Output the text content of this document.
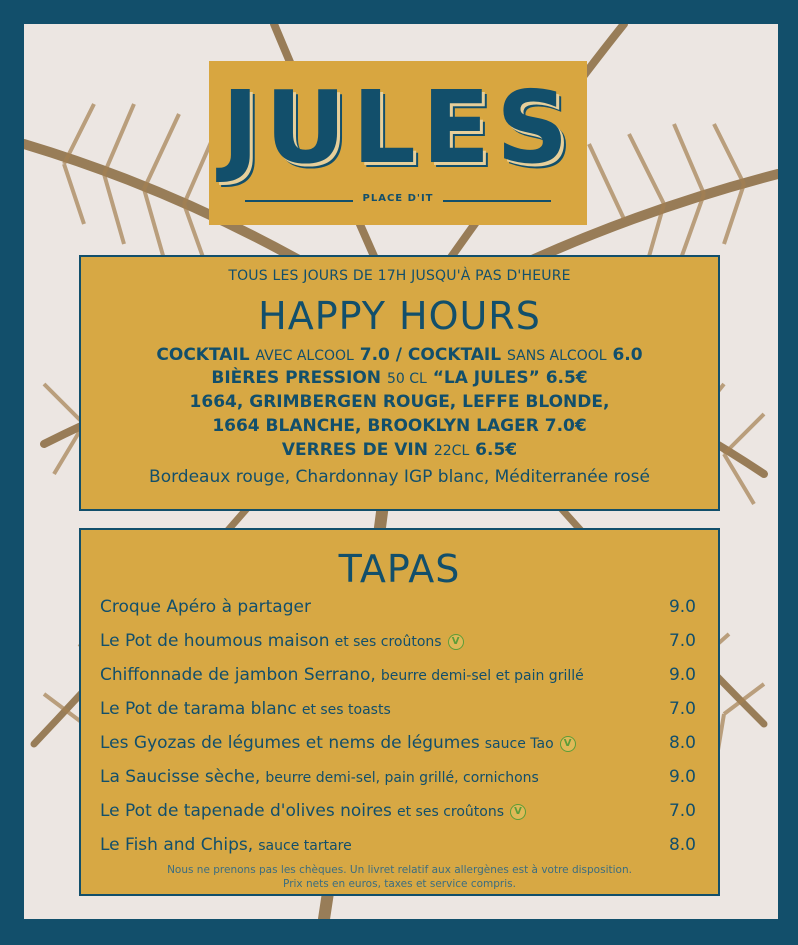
JULES
PLACE D'IT
TOUS LES JOURS DE 17H JUSQU'À PAS D'HEURE
HAPPY HOURS
COCKTAIL AVEC ALCOOL 7.0 / COCKTAIL SANS ALCOOL 6.0
BIÈRES PRESSION 50 CL “LA JULES” 6.5€
1664, GRIMBERGEN ROUGE, LEFFE BLONDE,
1664 BLANCHE, BROOKLYN LAGER 7.0€
VERRES DE VIN 22CL 6.5€
Bordeaux rouge, Chardonnay IGP blanc, Méditerranée rosé
TAPAS
Croque Apéro à partager	9.0
Le Pot de houmous maison et ses croûtons V	7.0
Chiffonnade de jambon Serrano, beurre demi-sel et pain grillé	9.0
Le Pot de tarama blanc et ses toasts	7.0
Les Gyozas de légumes et nems de légumes sauce Tao V	8.0
La Saucisse sèche, beurre demi-sel, pain grillé, cornichons	9.0
Le Pot de tapenade d'olives noires et ses croûtons V	7.0
Le Fish and Chips, sauce tartare	8.0
Nous ne prenons pas les chèques. Un livret relatif aux allergènes est à votre disposition.
Prix nets en euros, taxes et service compris.
